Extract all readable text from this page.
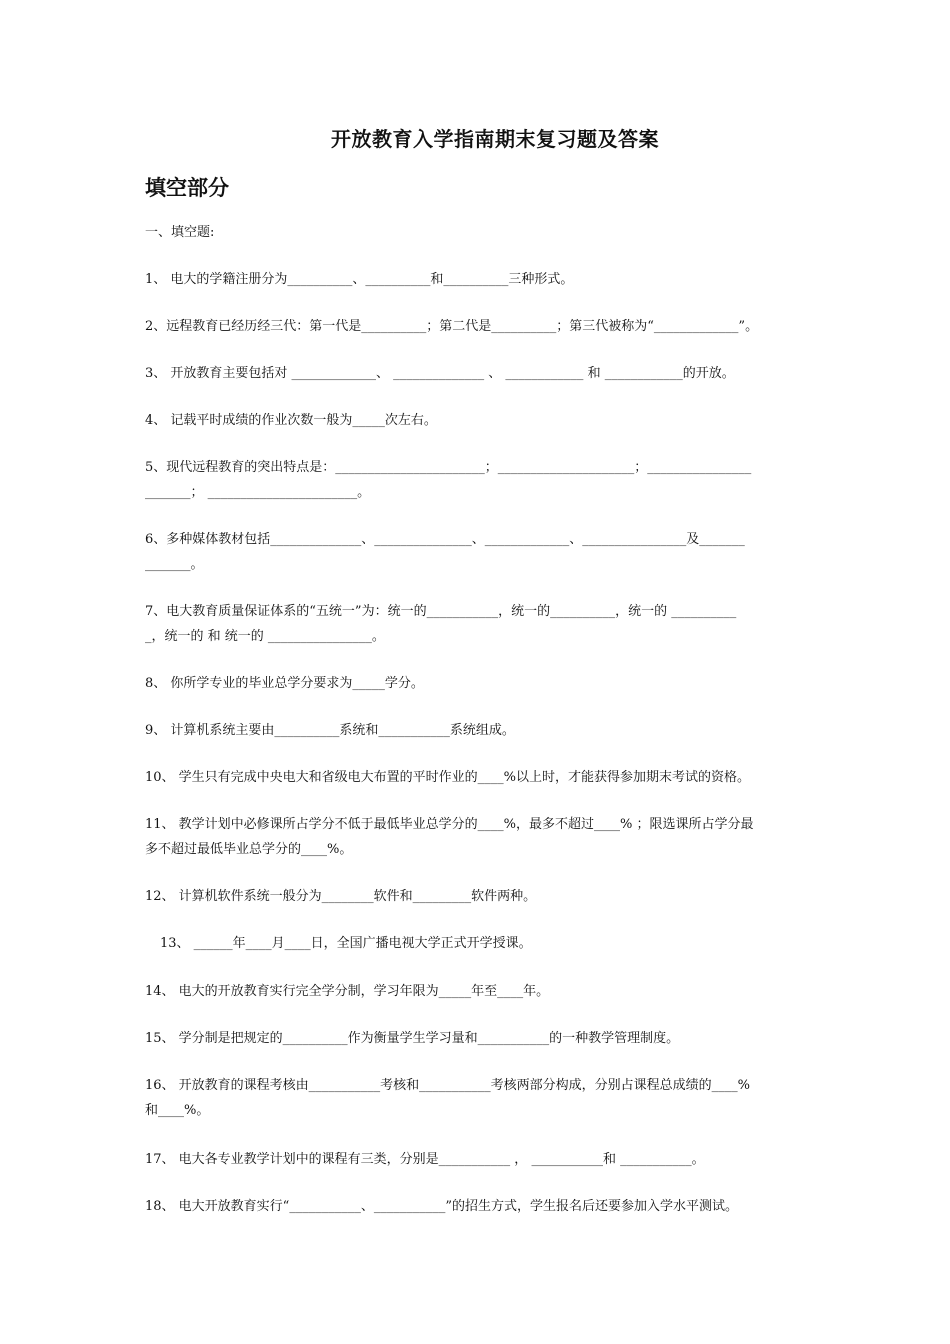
开放教育入学指南期末复习题及答案
填空部分
一、填空题:
1、 电大的学籍注册分为__________、__________和__________三种形式。
2、远程教育已经历经三代：第一代是__________；第二代是__________；第三代被称为“_____________”。
3、 开放教育主要包括对 _____________、 ______________ 、 ____________ 和 ____________的开放。
4、 记载平时成绩的作业次数一般为_____次左右。
5、现代远程教育的突出特点是：_______________________；_____________________；________________
_______； _______________________。
6、多种媒体教材包括______________、_______________、_____________、________________及_______
_______。
7、电大教育质量保证体系的“五统一”为：统一的___________，统一的__________，统一的 __________
_，统一的 和 统一的 ________________。
8、 你所学专业的毕业总学分要求为_____学分。
9、 计算机系统主要由__________系统和___________系统组成。
10、 学生只有完成中央电大和省级电大布置的平时作业的____%以上时，才能获得参加期末考试的资格。
11、 教学计划中必修课所占学分不低于最低毕业总学分的____%，最多不超过____% ；限选课所占学分最
多不超过最低毕业总学分的____%。
12、 计算机软件系统一般分为________软件和_________软件两种。
13、 ______年____月____日，全国广播电视大学正式开学授课。
14、 电大的开放教育实行完全学分制，学习年限为_____年至____年。
15、 学分制是把规定的__________作为衡量学生学习量和___________的一种教学管理制度。
16、 开放教育的课程考核由___________考核和___________考核两部分构成，分别占课程总成绩的____%
和____%。
17、 电大各专业教学计划中的课程有三类，分别是___________ ， ___________和 ___________。
18、 电大开放教育实行“___________、___________”的招生方式，学生报名后还要参加入学水平测试。
